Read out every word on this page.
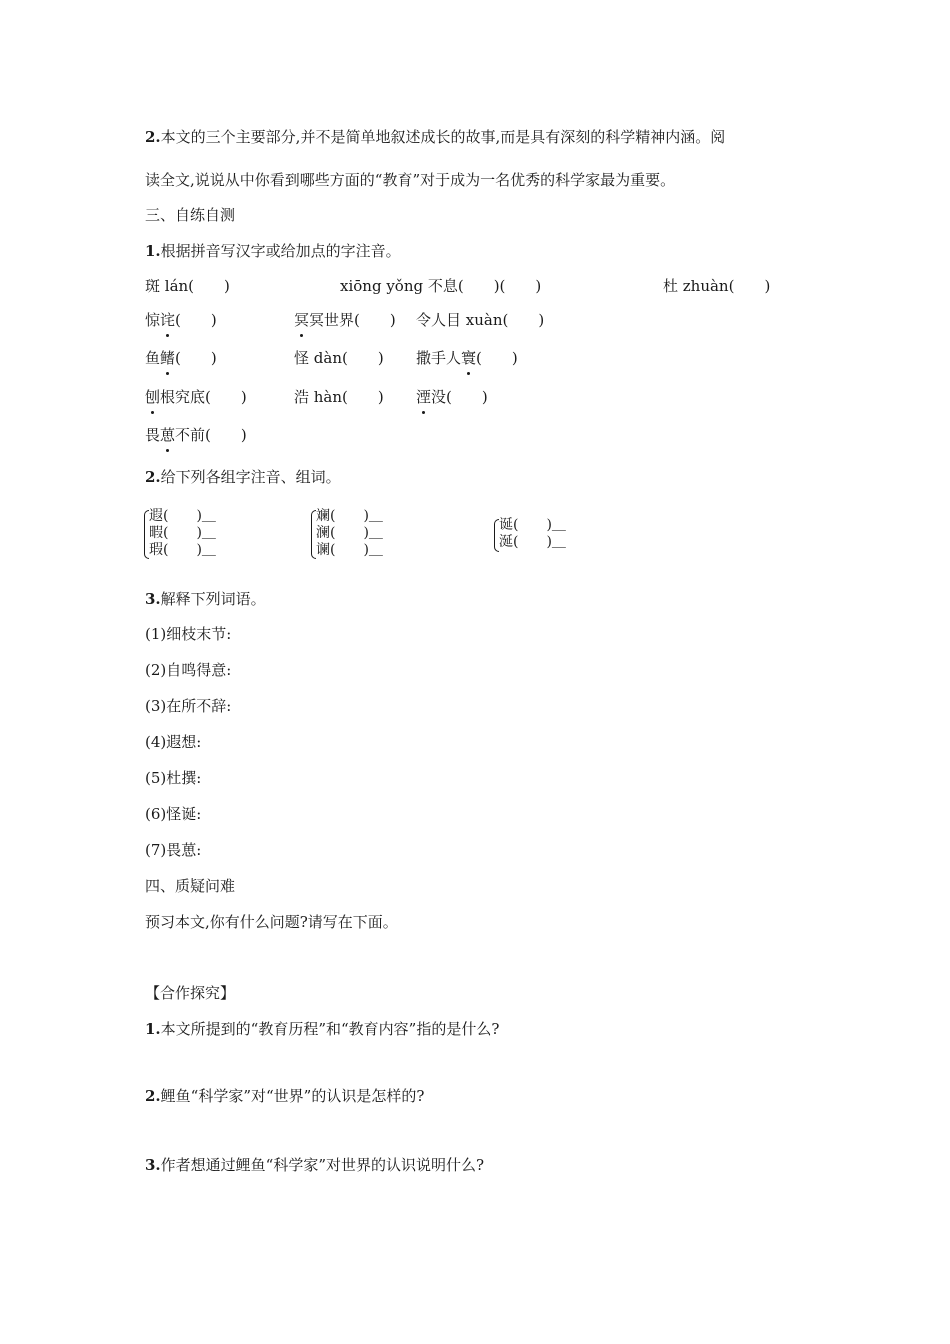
2.本文的三个主要部分,并不是简单地叙述成长的故事,而是具有深刻的科学精神内涵。阅
读全文,说说从中你看到哪些方面的“教育”对于成为一名优秀的科学家最为重要。
三、自练自测
1.根据拼音写汉字或给加点的字注音。
斑 lán(　　)	xiōng yǒng 不息(　　)(　　)	杜 zhuàn(　　)
惊诧(　　)	冥冥世界(　　) 令人目 xuàn(　　)
鱼鳍(　　)	怪 dàn(　　) 撒手人寰(　　)
刨根究底(　　)	浩 hàn(　　) 湮没(　　)
畏葸不前(　　)
2.给下列各组字注音、组词。
遐(　　)＿
暇(　　)＿
瑕(　　)＿
斓(　　)＿
澜(　　)＿
谰(　　)＿
诞(　　)＿
涎(　　)＿
3.解释下列词语。
(1)细枝末节:
(2)自鸣得意:
(3)在所不辞:
(4)遐想:
(5)杜撰:
(6)怪诞:
(7)畏葸:
四、质疑问难
预习本文,你有什么问题?请写在下面。
【合作探究】
1.本文所提到的“教育历程”和“教育内容”指的是什么?
2.鲤鱼“科学家”对“世界”的认识是怎样的?
3.作者想通过鲤鱼“科学家”对世界的认识说明什么?
